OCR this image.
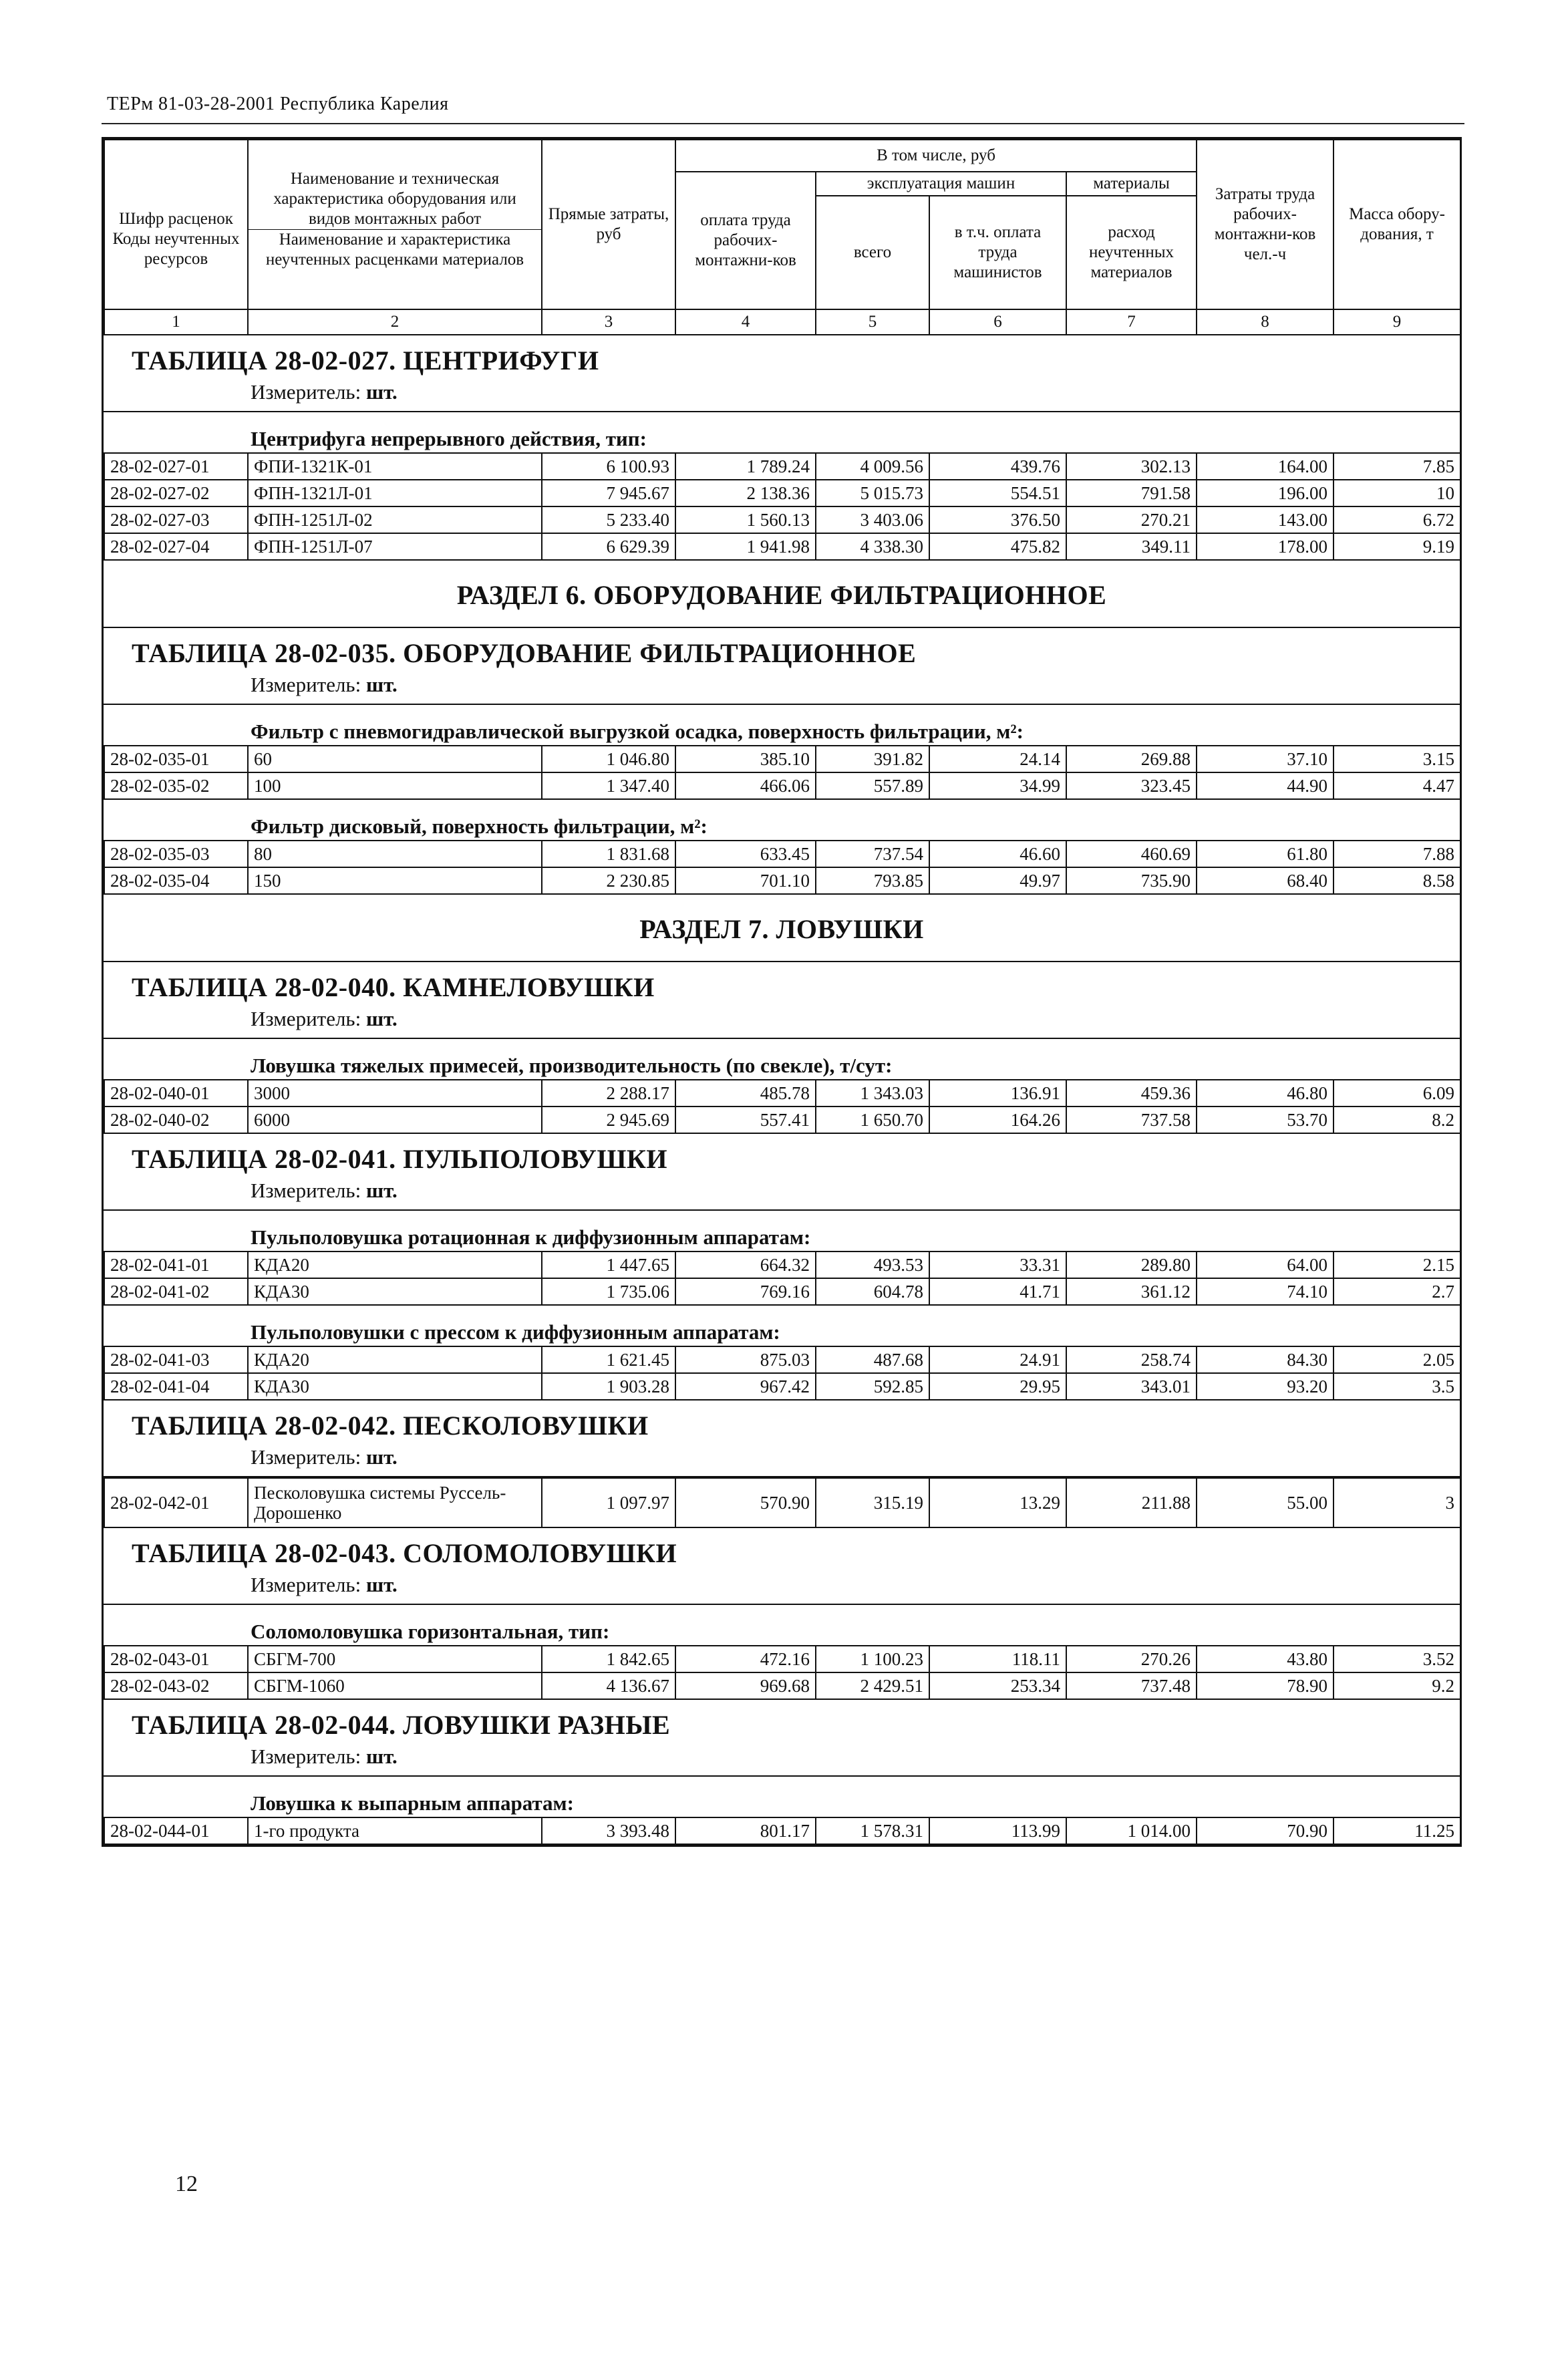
ТЕРм 81-03-28-2001 Республика Карелия
Шифр расценок	Наименование и техническая характеристика оборудования или видов монтажных работ	Прямые затраты, руб	В том числе, руб				Затраты труда рабочих-монтажни-ков чел.-ч	Масса обору-дования, т
			оплата труда рабочих-монтажни-ков	эксплуатация машин		материалы		
				всего	в т.ч. оплата труда машинистов	расход неучтенных материалов		
Коды неучтенных ресурсов	Наименование и характеристика неучтенных расценками материалов							

1	2	3	4	5	6	7	8	9
ТАБЛИЦА 28-02-027. ЦЕНТРИФУГИ
Измеритель: шт.
Центрифуга непрерывного действия, тип:
28-02-027-01	ФПИ-1321К-01	6 100.93	1 789.24	4 009.56	439.76	302.13	164.00	7.85
28-02-027-02	ФПН-1321Л-01	7 945.67	2 138.36	5 015.73	554.51	791.58	196.00	10
28-02-027-03	ФПН-1251Л-02	5 233.40	1 560.13	3 403.06	376.50	270.21	143.00	6.72
28-02-027-04	ФПН-1251Л-07	6 629.39	1 941.98	4 338.30	475.82	349.11	178.00	9.19
РАЗДЕЛ 6. ОБОРУДОВАНИЕ ФИЛЬТРАЦИОННОЕ
ТАБЛИЦА 28-02-035. ОБОРУДОВАНИЕ ФИЛЬТРАЦИОННОЕ
Измеритель: шт.
Фильтр с пневмогидравлической выгрузкой осадка, поверхность фильтрации, м²:
28-02-035-01	60	1 046.80	385.10	391.82	24.14	269.88	37.10	3.15
28-02-035-02	100	1 347.40	466.06	557.89	34.99	323.45	44.90	4.47
Фильтр дисковый, поверхность фильтрации, м²:
28-02-035-03	80	1 831.68	633.45	737.54	46.60	460.69	61.80	7.88
28-02-035-04	150	2 230.85	701.10	793.85	49.97	735.90	68.40	8.58
РАЗДЕЛ 7. ЛОВУШКИ
ТАБЛИЦА 28-02-040. КАМНЕЛОВУШКИ
Измеритель: шт.
Ловушка тяжелых примесей, производительность (по свекле), т/сут:
28-02-040-01	3000	2 288.17	485.78	1 343.03	136.91	459.36	46.80	6.09
28-02-040-02	6000	2 945.69	557.41	1 650.70	164.26	737.58	53.70	8.2
ТАБЛИЦА 28-02-041. ПУЛЬПОЛОВУШКИ
Измеритель: шт.
Пульполовушка ротационная к диффузионным аппаратам:
28-02-041-01	КДА20	1 447.65	664.32	493.53	33.31	289.80	64.00	2.15
28-02-041-02	КДА30	1 735.06	769.16	604.78	41.71	361.12	74.10	2.7
Пульполовушки с прессом к диффузионным аппаратам:
28-02-041-03	КДА20	1 621.45	875.03	487.68	24.91	258.74	84.30	2.05
28-02-041-04	КДА30	1 903.28	967.42	592.85	29.95	343.01	93.20	3.5
ТАБЛИЦА 28-02-042. ПЕСКОЛОВУШКИ
Измеритель: шт.
28-02-042-01	Песколовушка системы Руссель-Дорошенко	1 097.97	570.90	315.19	13.29	211.88	55.00	3
ТАБЛИЦА 28-02-043. СОЛОМОЛОВУШКИ
Измеритель: шт.
Соломоловушка горизонтальная, тип:
28-02-043-01	СБГМ-700	1 842.65	472.16	1 100.23	118.11	270.26	43.80	3.52
28-02-043-02	СБГМ-1060	4 136.67	969.68	2 429.51	253.34	737.48	78.90	9.2
ТАБЛИЦА 28-02-044. ЛОВУШКИ РАЗНЫЕ
Измеритель: шт.
Ловушка к выпарным аппаратам:
28-02-044-01	1-го продукта	3 393.48	801.17	1 578.31	113.99	1 014.00	70.90	11.25
12
